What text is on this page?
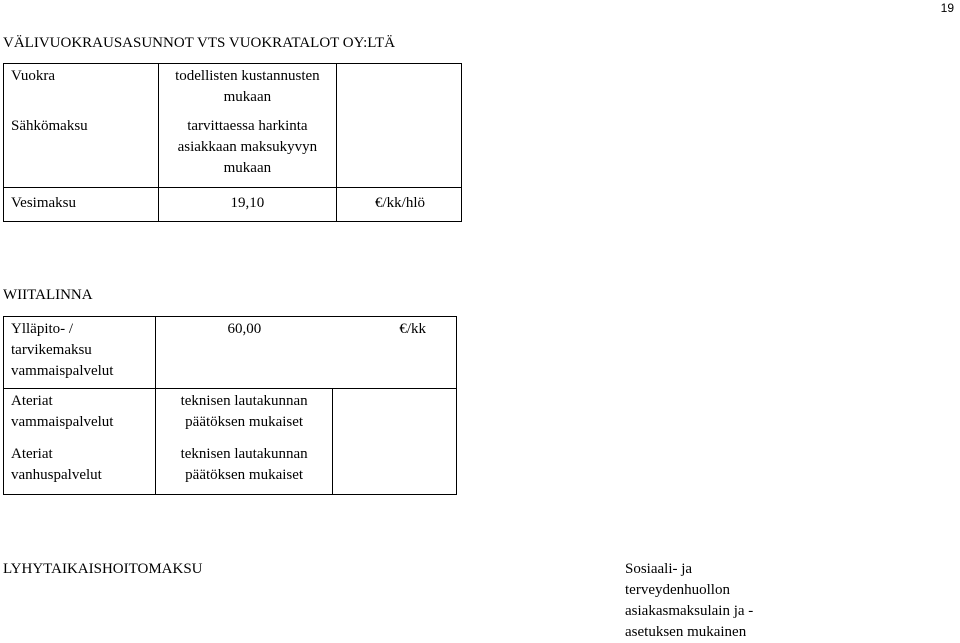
19
VÄLIVUOKRAUSASUNNOT VTS VUOKRATALOT OY:LTÄ
Vuokra	todellisten kustannusten mukaan	

Sähkömaksu	tarvittaessa harkinta asiakkaan maksukyvyn mukaan	

Vesimaksu	19,10	€/kk/hlö
WIITALINNA
Ylläpito- / tarvikemaksu vammaispalvelut	60,00	€/kk

Ateriat vammaispalvelut	teknisen lautakunnan päätöksen mukaiset	

Ateriat vanhuspalvelut	teknisen lautakunnan päätöksen mukaiset	

LYHYTAIKAISHOITOMAKSU	Sosiaali- ja terveydenhuollon asiakasmaksulain ja -asetuksen mukainen
